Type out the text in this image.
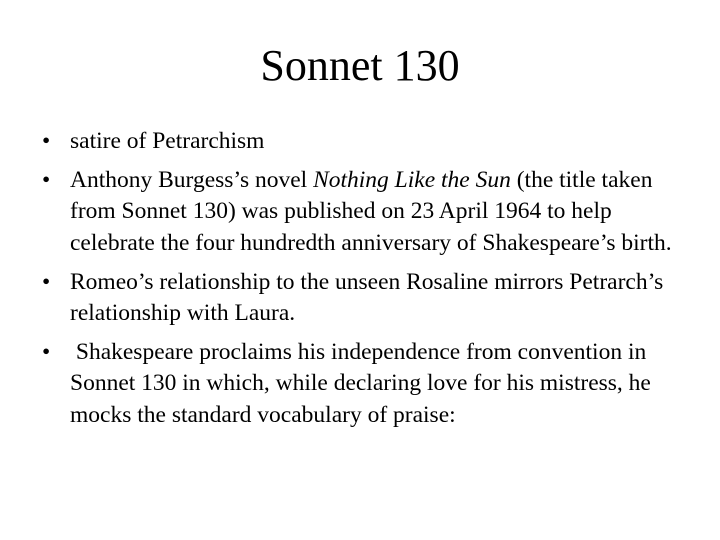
Sonnet 130
• satire of Petrarchism
• Anthony Burgess’s novel Nothing Like the Sun (the title taken from Sonnet 130) was published on 23 April 1964 to help celebrate the four hundredth anniversary of Shakespeare’s birth.
• Romeo’s relationship to the unseen Rosaline mirrors Petrarch’s relationship with Laura.
• Shakespeare proclaims his independence from convention in Sonnet 130 in which, while declaring love for his mistress, he mocks the standard vocabulary of praise:
